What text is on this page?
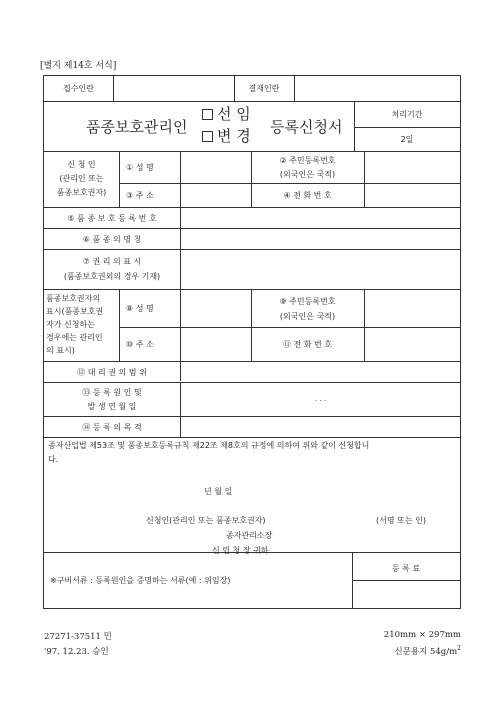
[별지 제14호 서식]
접수인란	결재인란
처리기간
2일
품종보호관리인
선 임
변 경 등록신청서
신 청 인
(관리인 또는
품종보호권자)
① 성 명
② 주민등록번호
(외국인은 국적)
③ 주 소	④ 전 화 번 호
⑤ 품 종 보 호 등 록 번 호
⑥ 품 종 의 명 칭
⑦ 권 리 의 표 시
(품종보호권외의 경우 기재)
품종보호권자의
표시(품종보호권
자가 신청하는
경우에는 관리인
의 표시)
⑧ 성 명
⑨ 주민등록번호
(외국인은 국적)
⑩ 주 소	⑪ 전 화 번 호
⑫ 대 리 권 의 범 위
⑬ 등 록 원 인 및
발 생 연 월 일
. . .
⑭ 등 록 의 목 적
종자산업법 제53조 및 품종보호등록규칙 제22조 제8호의 규정에 의하여 위와 같이 신청합니
다.
년 월 일
신청인(관리인 또는 품종보호권자)	(서명 또는 인)
종자관리소장
신 립 청 장 귀하
※구비서류 : 등록원인을 증명하는 서류(예 : 위임장)
등 록 료
27271-37511 민
'97. 12.23. 승인
210mm × 297mm
신문용지 $54g/m^2$
